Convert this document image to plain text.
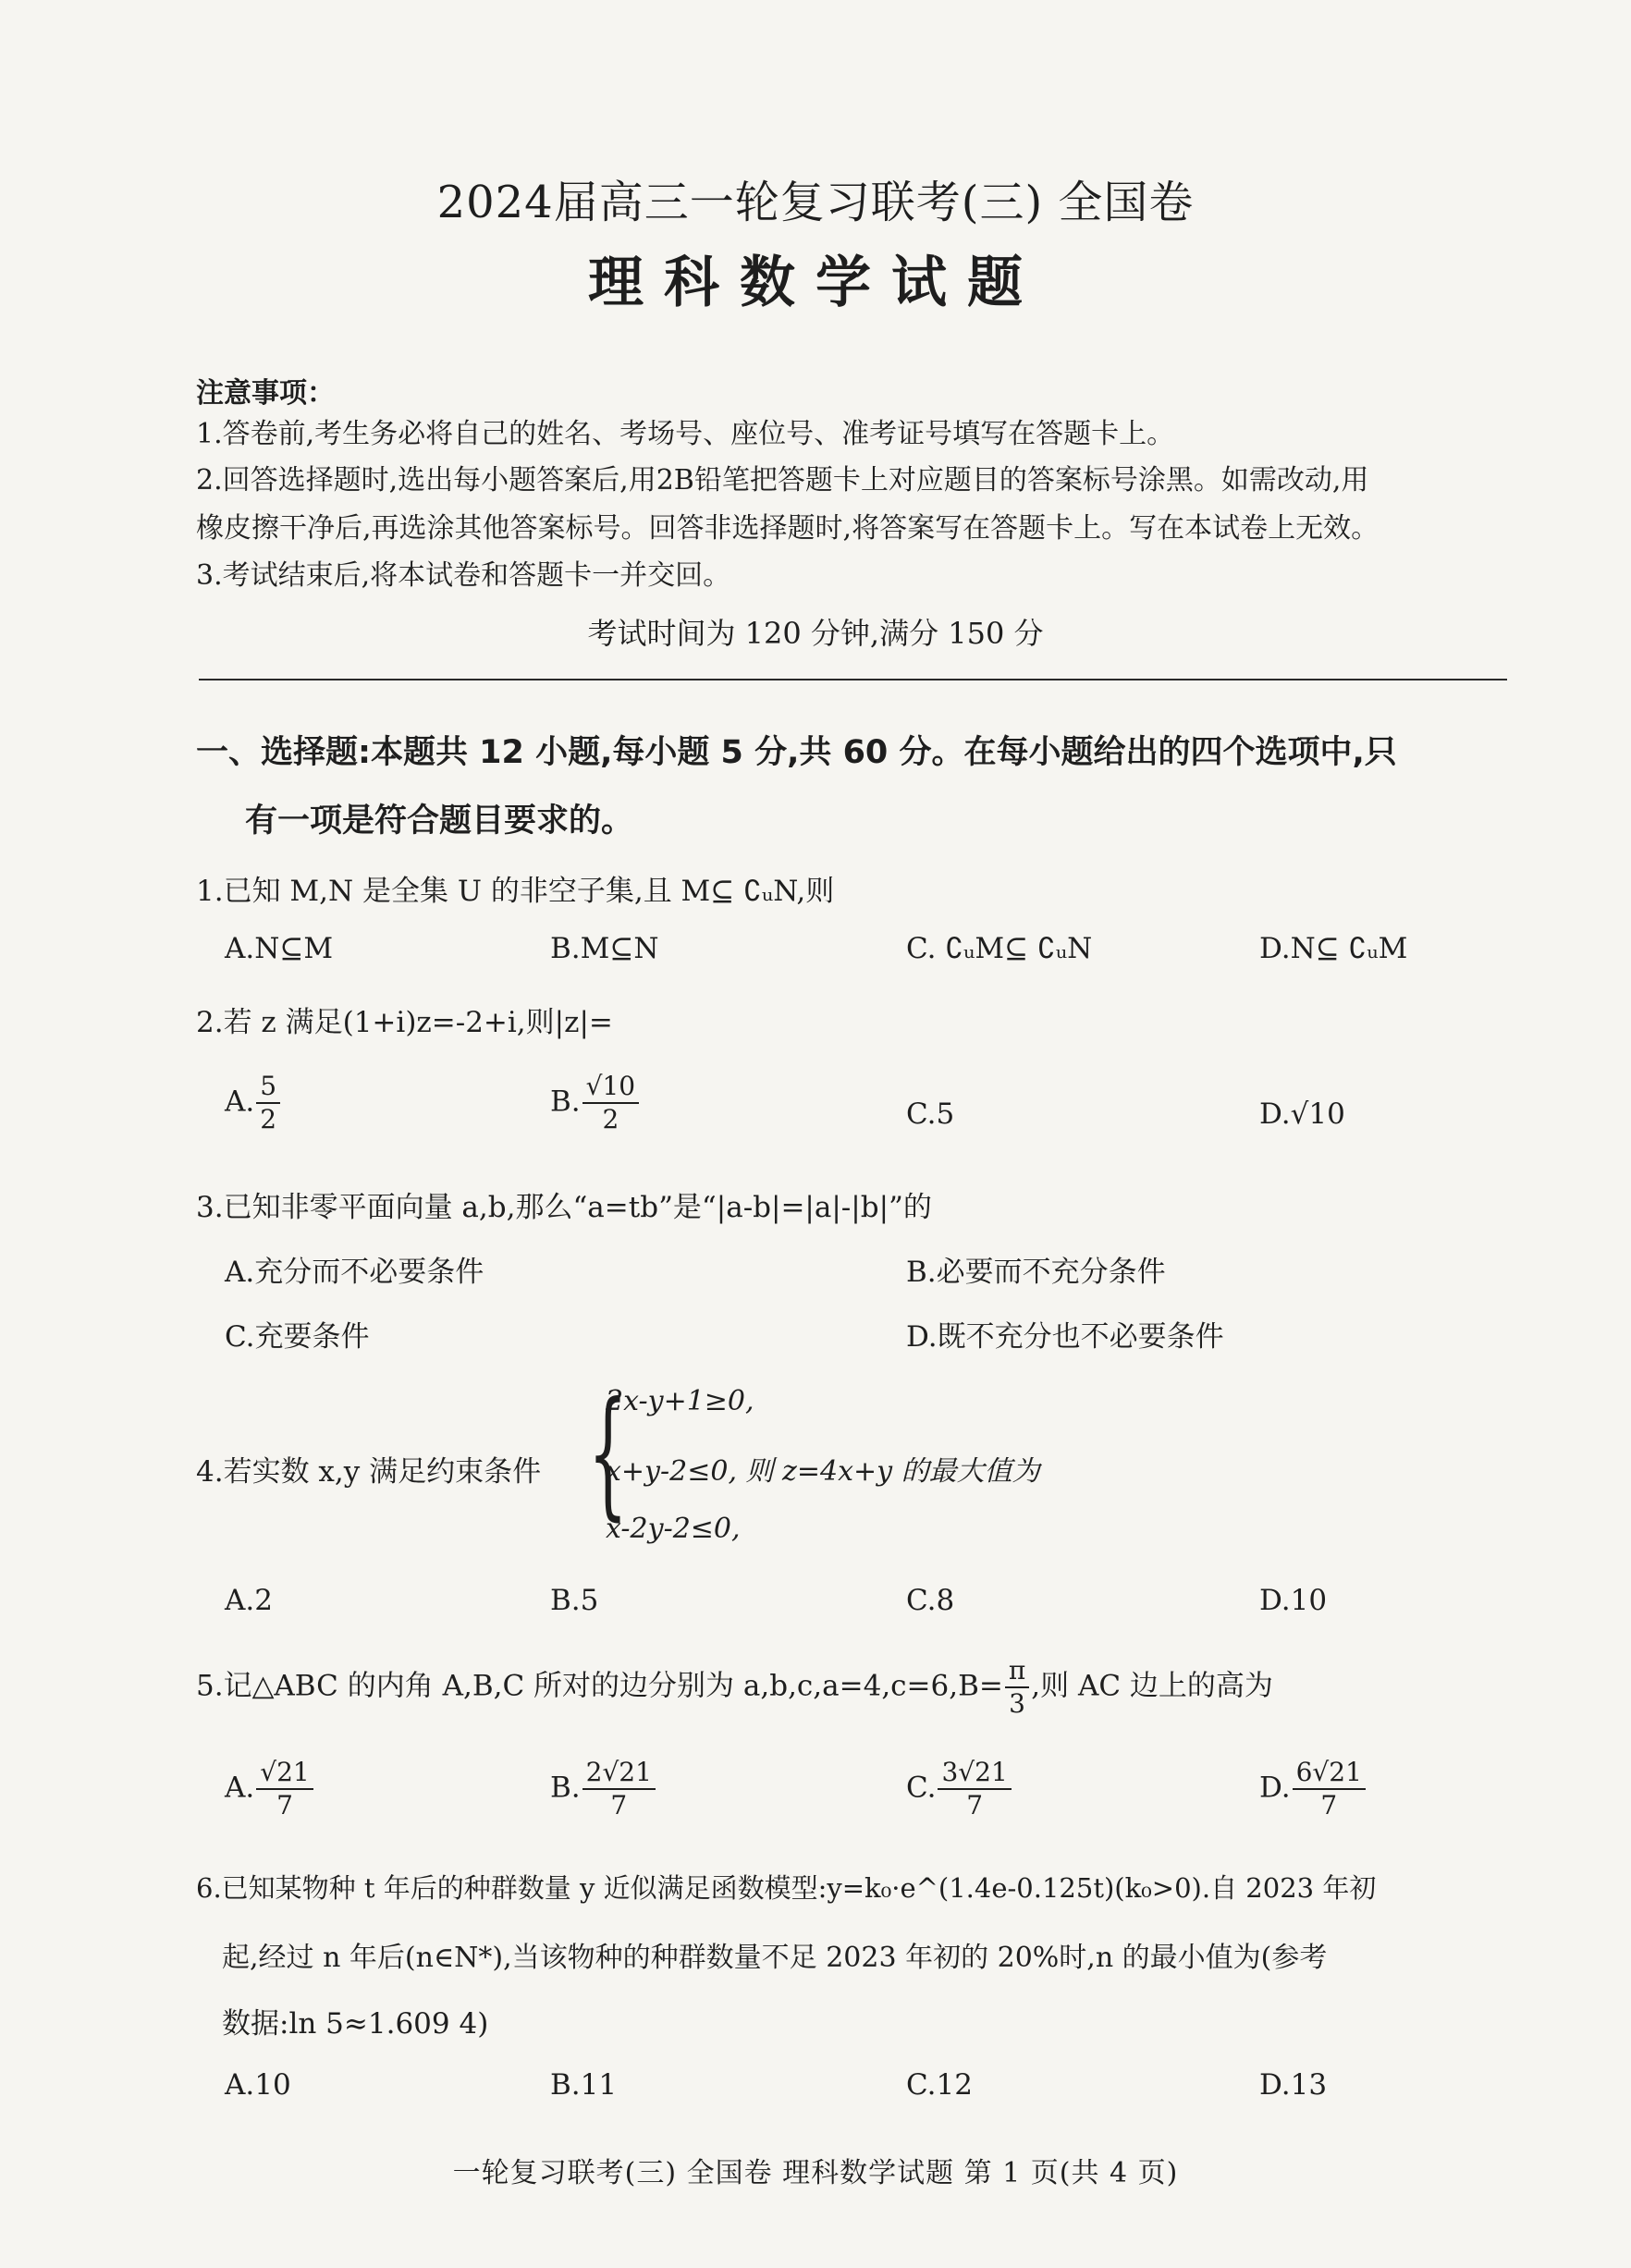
2024届高三一轮复习联考(三) 全国卷
理科数学试题
注意事项：
1.答卷前,考生务必将自己的姓名、考场号、座位号、准考证号填写在答题卡上。
2.回答选择题时,选出每小题答案后,用2B铅笔把答题卡上对应题目的答案标号涂黑。如需改动,用
橡皮擦干净后,再选涂其他答案标号。回答非选择题时,将答案写在答题卡上。写在本试卷上无效。
3.考试结束后,将本试卷和答题卡一并交回。
考试时间为 120 分钟,满分 150 分
一、选择题:本题共 12 小题,每小题 5 分,共 60 分。在每小题给出的四个选项中,只
有一项是符合题目要求的。
1.已知 M,N 是全集 U 的非空子集,且 M⊆ ∁ᵤN,则
A.N⊆M	B.M⊆N	C. ∁ᵤM⊆ ∁ᵤN	D.N⊆ ∁ᵤM
2.若 z 满足(1+i)z=-2+i,则|z|=
A. $\frac{5}{2}$	B. $\frac{√10}{2}$	C.5	D.√10
3.已知非零平面向量 a,b,那么“a=tb”是“|a-b|=|a|-|b|”的
A.充分而不必要条件	B.必要而不充分条件
C.充要条件	D.既不充分也不必要条件
4.若实数 x,y 满足约束条件 {
2x-y+1≥0,
x+y-2≤0, 则 z=4x+y 的最大值为
x-2y-2≤0,
A.2	B.5	C.8	D.10
5.记△ABC 的内角 A,B,C 所对的边分别为 $a,b,c,a=4,c=6,B= \frac{\pi}{3}$ ,则 AC 边上的高为
A. $\frac{√21}{7}$	B. $\frac{2√21}{7}$	C. $\frac{3√21}{7}$	D. $\frac{6√21}{7}$
6.已知某物种 t 年后的种群数量 y 近似满足函数模型:y=k₀·e^(1.4e-0.125t)(k₀>0).自 2023 年初
起,经过 n 年后(n∈N*),当该物种的种群数量不足 2023 年初的 20%时,n 的最小值为(参考
数据:ln 5≈1.609 4)
A.10	B.11	C.12	D.13
一轮复习联考(三) 全国卷 理科数学试题 第 1 页(共 4 页)
